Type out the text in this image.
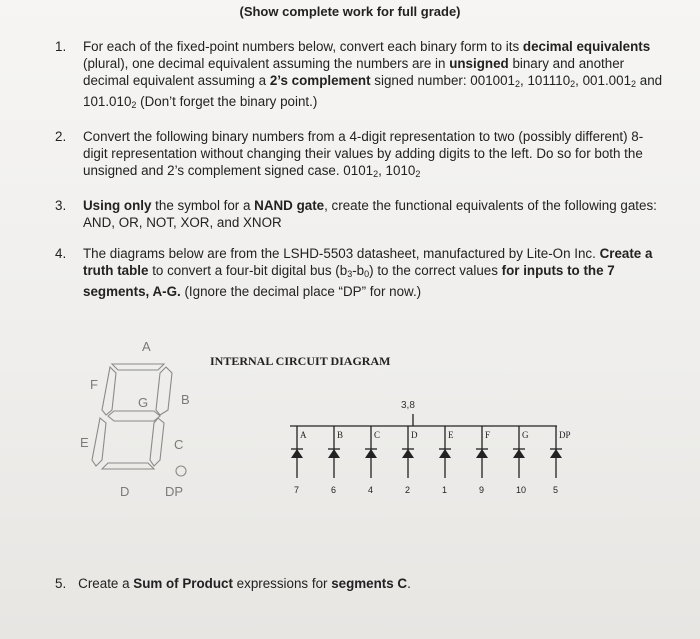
(Show complete work for full grade)
1. For each of the fixed-point numbers below, convert each binary form to its decimal equivalents (plural), one decimal equivalent assuming the numbers are in unsigned binary and another decimal equivalent assuming a 2’s complement signed number: $001001_2$, $101110_2$, $001.001_2$ and $101.010_2$ (Don’t forget the binary point.)
2. Convert the following binary numbers from a 4-digit representation to two (possibly different) 8-digit representation without changing their values by adding digits to the left. Do so for both the unsigned and 2’s complement signed case. $0101_2$, $1010_2$
3. Using only the symbol for a NAND gate, create the functional equivalents of the following gates: AND, OR, NOT, XOR, and XNOR
4. The diagrams below are from the LSHD-5503 datasheet, manufactured by Lite-On Inc. Create a truth table to convert a four-bit digital bus $(b_3-b_0)$ to the correct values for inputs to the 7 segments, A-G. (Ignore the decimal place “DP” for now.)
A
F
G	B
E	C
D	DP
INTERNAL CIRCUIT DIAGRAM
3,8
A
7
B
6
C
4
D
2
E
1
F
9
G
10
DP
5
5. Create a Sum of Product expressions for segments C.
